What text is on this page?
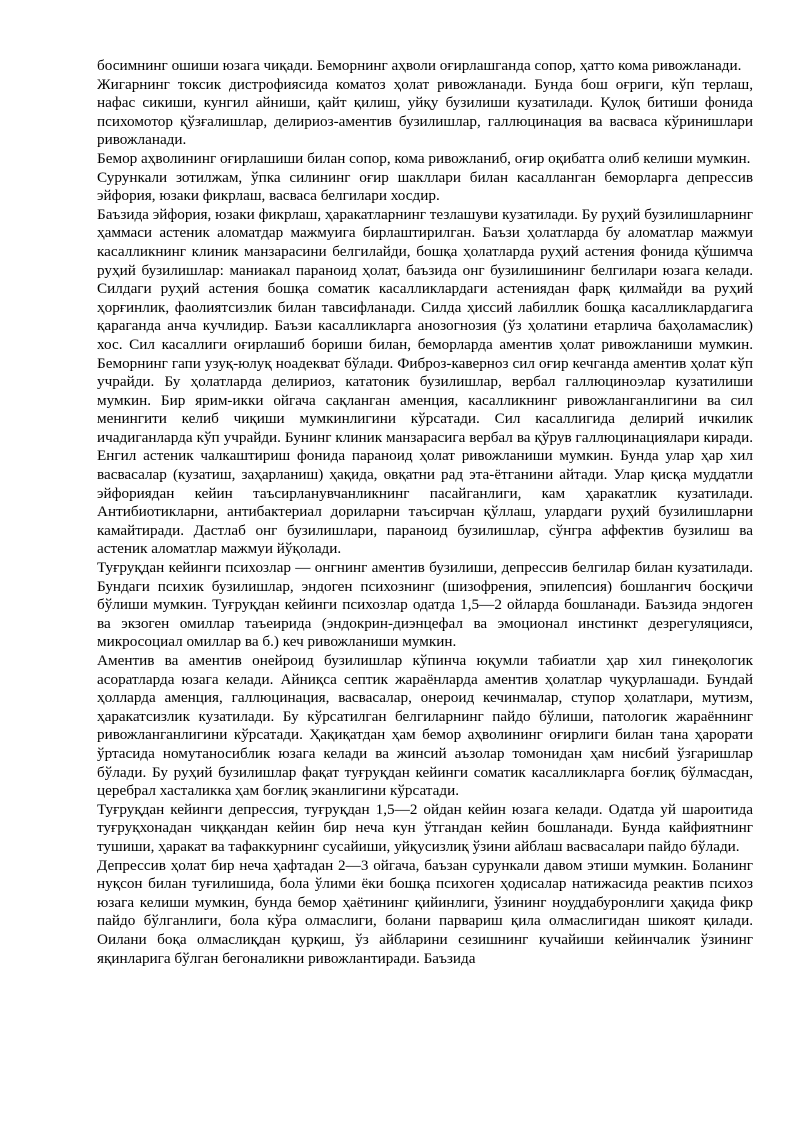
босимнинг ошиши юзага чиқади. Беморнинг аҳволи оғирлашганда сопор, ҳатто кома ривожланади.

Жигарнинг токсик дистрофиясида коматоз ҳолат ривожланади. Бунда бош оғриги, кўп терлаш, нафас сикиши, кунгил айниши, қайт қилиш, уйқу бузилиши кузатилади. Қулоқ битиши фонида психомотор қўзғалишлар, делириоз-аментив бузилишлар, галлюцинация ва васваса кўринишлари ривожланади.

Бемор аҳволининг оғирлашиши билан сопор, кома ривожланиб, оғир оқибатга олиб келиши мумкин.

Сурункали зотилжам, ўпка силининг оғир шакллари билан касалланган беморларга депрессив эйфория, юзаки фикрлаш, васваса белгилари хосдир.

Баъзида эйфория, юзаки фикрлаш, ҳаракатларнинг тезлашуви кузатилади. Бу руҳий бузилишларнинг ҳаммаси астеник аломатдар мажмуига бирлаштирилган. Баъзи ҳолатларда бу аломатлар мажмуи касалликнинг клиник манзарасини белгилайди, бошқа ҳолатларда руҳий астения фонида қўшимча руҳий бузилишлар: маниакал параноид ҳолат, баъзида онг бузилишининг белгилари юзага келади. Силдаги руҳий астения бошқа соматик касалликлардаги астениядан фарқ қилмайди ва руҳий ҳорғинлик, фаолиятсизлик билан тавсифланади. Силда ҳиссий лабиллик бошқа касалликлардагига қараганда анча кучлидир. Баъзи касалликларга анозогнозия (ўз ҳолатини етарлича баҳоламаслик) хос. Сил касаллиги оғирлашиб бориши билан, беморларда аментив ҳолат ривожланиши мумкин. Беморнинг гапи узуқ-юлуқ ноадекват бўлади. Фиброз-каверноз сил оғир кечганда аментив ҳолат кўп учрайди. Бу ҳолатларда делириоз, кататоник бузилишлар, вербал галлюциноэлар кузатилиши мумкин. Бир ярим-икки ойгача сақланган аменция, касалликнинг ривожланганлигини ва сил менингити келиб чиқиши мумкинлигини кўрсатади. Сил касаллигида делирий ичкилик ичадиганларда кўп учрайди. Бунинг клиник манзарасига вербал ва қўрув галлюцинациялари киради. Енгил астеник чалкаштириш фонида параноид ҳолат ривожланиши мумкин. Бунда улар ҳар хил васвасалар (кузатиш, заҳарланиш) ҳақида, овқатни рад эта-ётганини айтади. Улар қисқа муддатли эйфориядан кейин таъсирланувчанликнинг пасайганлиги, кам ҳаракатлик кузатилади. Антибиотикларни, антибактериал дориларни таъсирчан қўллаш, улардаги руҳий бузилишларни камайтиради. Дастлаб онг бузилишлари, параноид бузилишлар, сўнгра аффектив бузилиш ва астеник аломатлар мажмуи йўқолади.

Туғруқдан кейинги психозлар — онгнинг аментив бузилиши, депрессив белгилар билан кузатилади. Бундаги психик бузилишлар, эндоген психознинг (шизофрения, эпилепсия) бошлангич босқичи бўлиши мумкин. Туғруқдан кейинги психозлар одатда 1,5—2 ойларда бошланади. Баъзида эндоген ва экзоген омиллар таъеирида (эндокрин-диэнцефал ва эмоционал инстинкт дезрегуляцияси, микросоциал омиллар ва б.) кеч ривожланиши мумкин.

Аментив ва аментив онейроид бузилишлар кўпинча юқумли табиатли ҳар хил гинеқологик асоратларда юзага келади. Айниқса септик жараёнларда аментив ҳолатлар чуқурлашади. Бундай ҳолларда аменция, галлюцинация, васвасалар, онероид кечинмалар, ступор ҳолатлари, мутизм, ҳаракатсизлик кузатилади. Бу кўрсатилган белгиларнинг пайдо бўлиши, патологик жараённинг ривожланганлигини кўрсатади. Ҳақиқатдан ҳам бемор аҳволининг оғирлиги билан тана ҳарорати ўртасида номутаносиблик юзага келади ва жинсий аъзолар томонидан ҳам нисбий ўзгаришлар бўлади. Бу руҳий бузилишлар фақат туғруқдан кейинги соматик касалликларга боғлиқ бўлмасдан, церебрал хасталикка ҳам боғлиқ эканлигини кўрсатади.

Туғруқдан кейинги депрессия, туғруқдан 1,5—2 ойдан кейин юзага келади. Одатда уй шароитида туғруқхонадан чиққандан кейин бир неча кун ўтгандан кейин бошланади. Бунда кайфиятнинг тушиши, ҳаракат ва тафаккурнинг сусайиши, уйқусизлиқ ўзини айблаш васвасалари пайдо бўлади.

Депрессив ҳолат бир неча ҳафтадан 2—3 ойгача, баъзан сурункали давом этиши мумкин. Боланинг нуқсон билан туғилишида, бола ўлими ёки бошқа психоген ҳодисалар натижасида реактив психоз юзага келиши мумкин, бунда бемор ҳаётининг қийинлиги, ўзининг ноуддабуронлиги ҳақида фикр пайдо бўлганлиги, бола кўра олмаслиги, болани парвариш қила олмаслигидан шикоят қилади. Оилани боқа олмаслиқдан қурқиш, ўз айбларини сезишнинг кучайиши кейинчалик ўзининг яқинларига бўлган бегоналикни ривожлантиради. Баъзида
